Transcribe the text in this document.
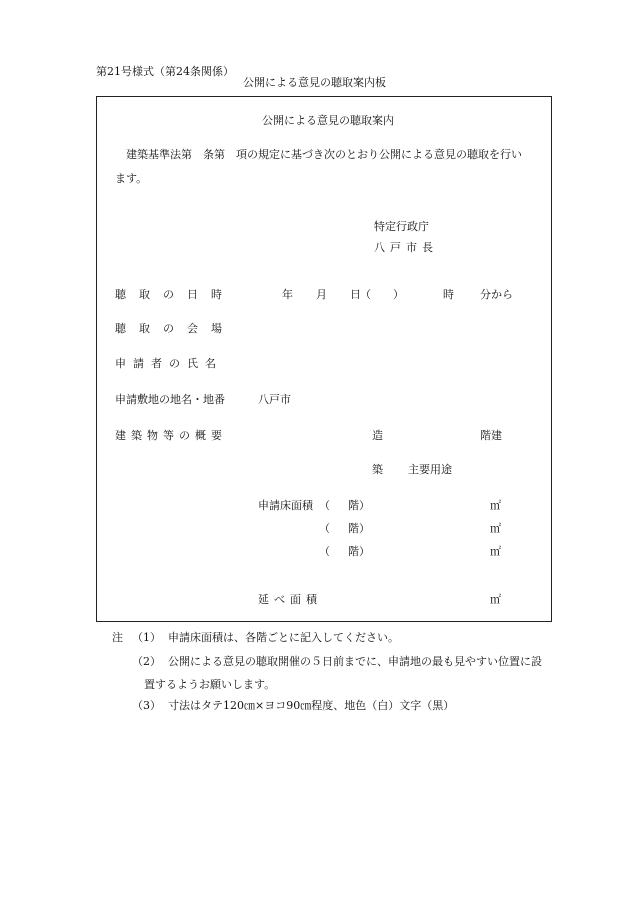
第21号様式（第24条関係）
公開による意見の聴取案内板
公開による意見の聴取案内
建築基準法第　条第　項の規定に基づき次のとおり公開による意見の聴取を行い
ます。
特定行政庁
八戸市長
聴取の日時	年 月 日 （ ）	時 分から
聴取の会場
申請者の氏名
申請敷地の地名・地番	八戸市
建築物等の概要	造	階建
築 主要用途
申請床面積 （ 階）	㎡
（ 階）	㎡
（ 階）	㎡
延べ面積	㎡
注 （1） 申請床面積は、各階ごとに記入してください。
（2） 公開による意見の聴取開催の５日前までに、申請地の最も見やすい位置に設
置するようお願いします。
（3） 寸法はタテ120㎝×ヨコ90㎝程度、地色（白）文字（黒）
